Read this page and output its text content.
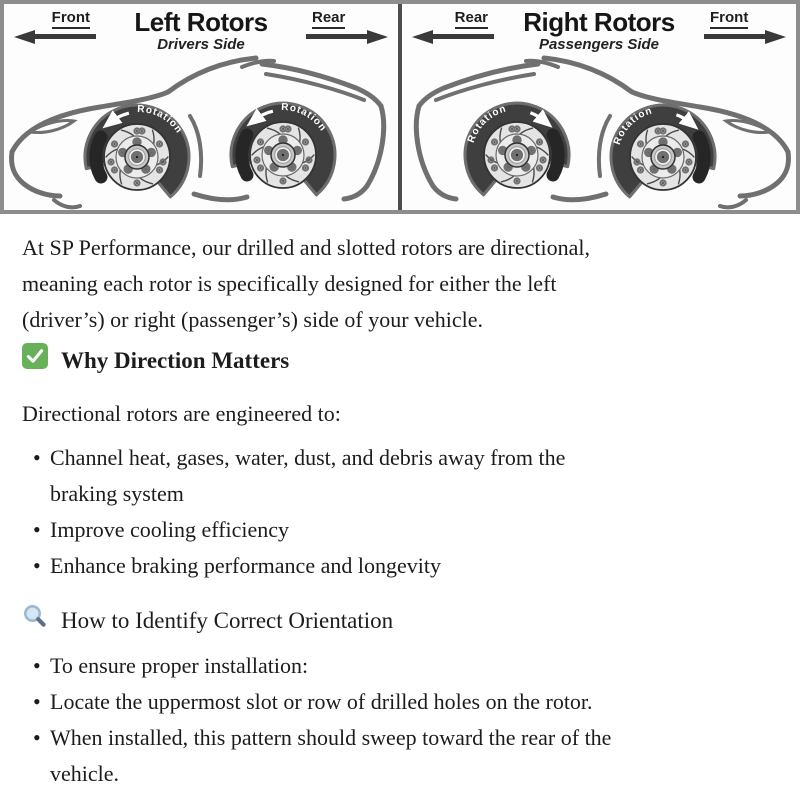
Rotation
Rotation
Front	Left Rotors
Drivers Side
Rear
Rotation
Rotation
Rear	Right Rotors
Passengers Side
Front
At SP Performance, our drilled and slotted rotors are directional,
meaning each rotor is specifically designed for either the left
(driver’s) or right (passenger’s) side of your vehicle.
Why Direction Matters
Directional rotors are engineered to:
• Channel heat, gases, water, dust, and debris away from the
braking system
• Improve cooling efficiency
• Enhance braking performance and longevity
How to Identify Correct Orientation
• To ensure proper installation:
• Locate the uppermost slot or row of drilled holes on the rotor.
• When installed, this pattern should sweep toward the rear of the
vehicle.
